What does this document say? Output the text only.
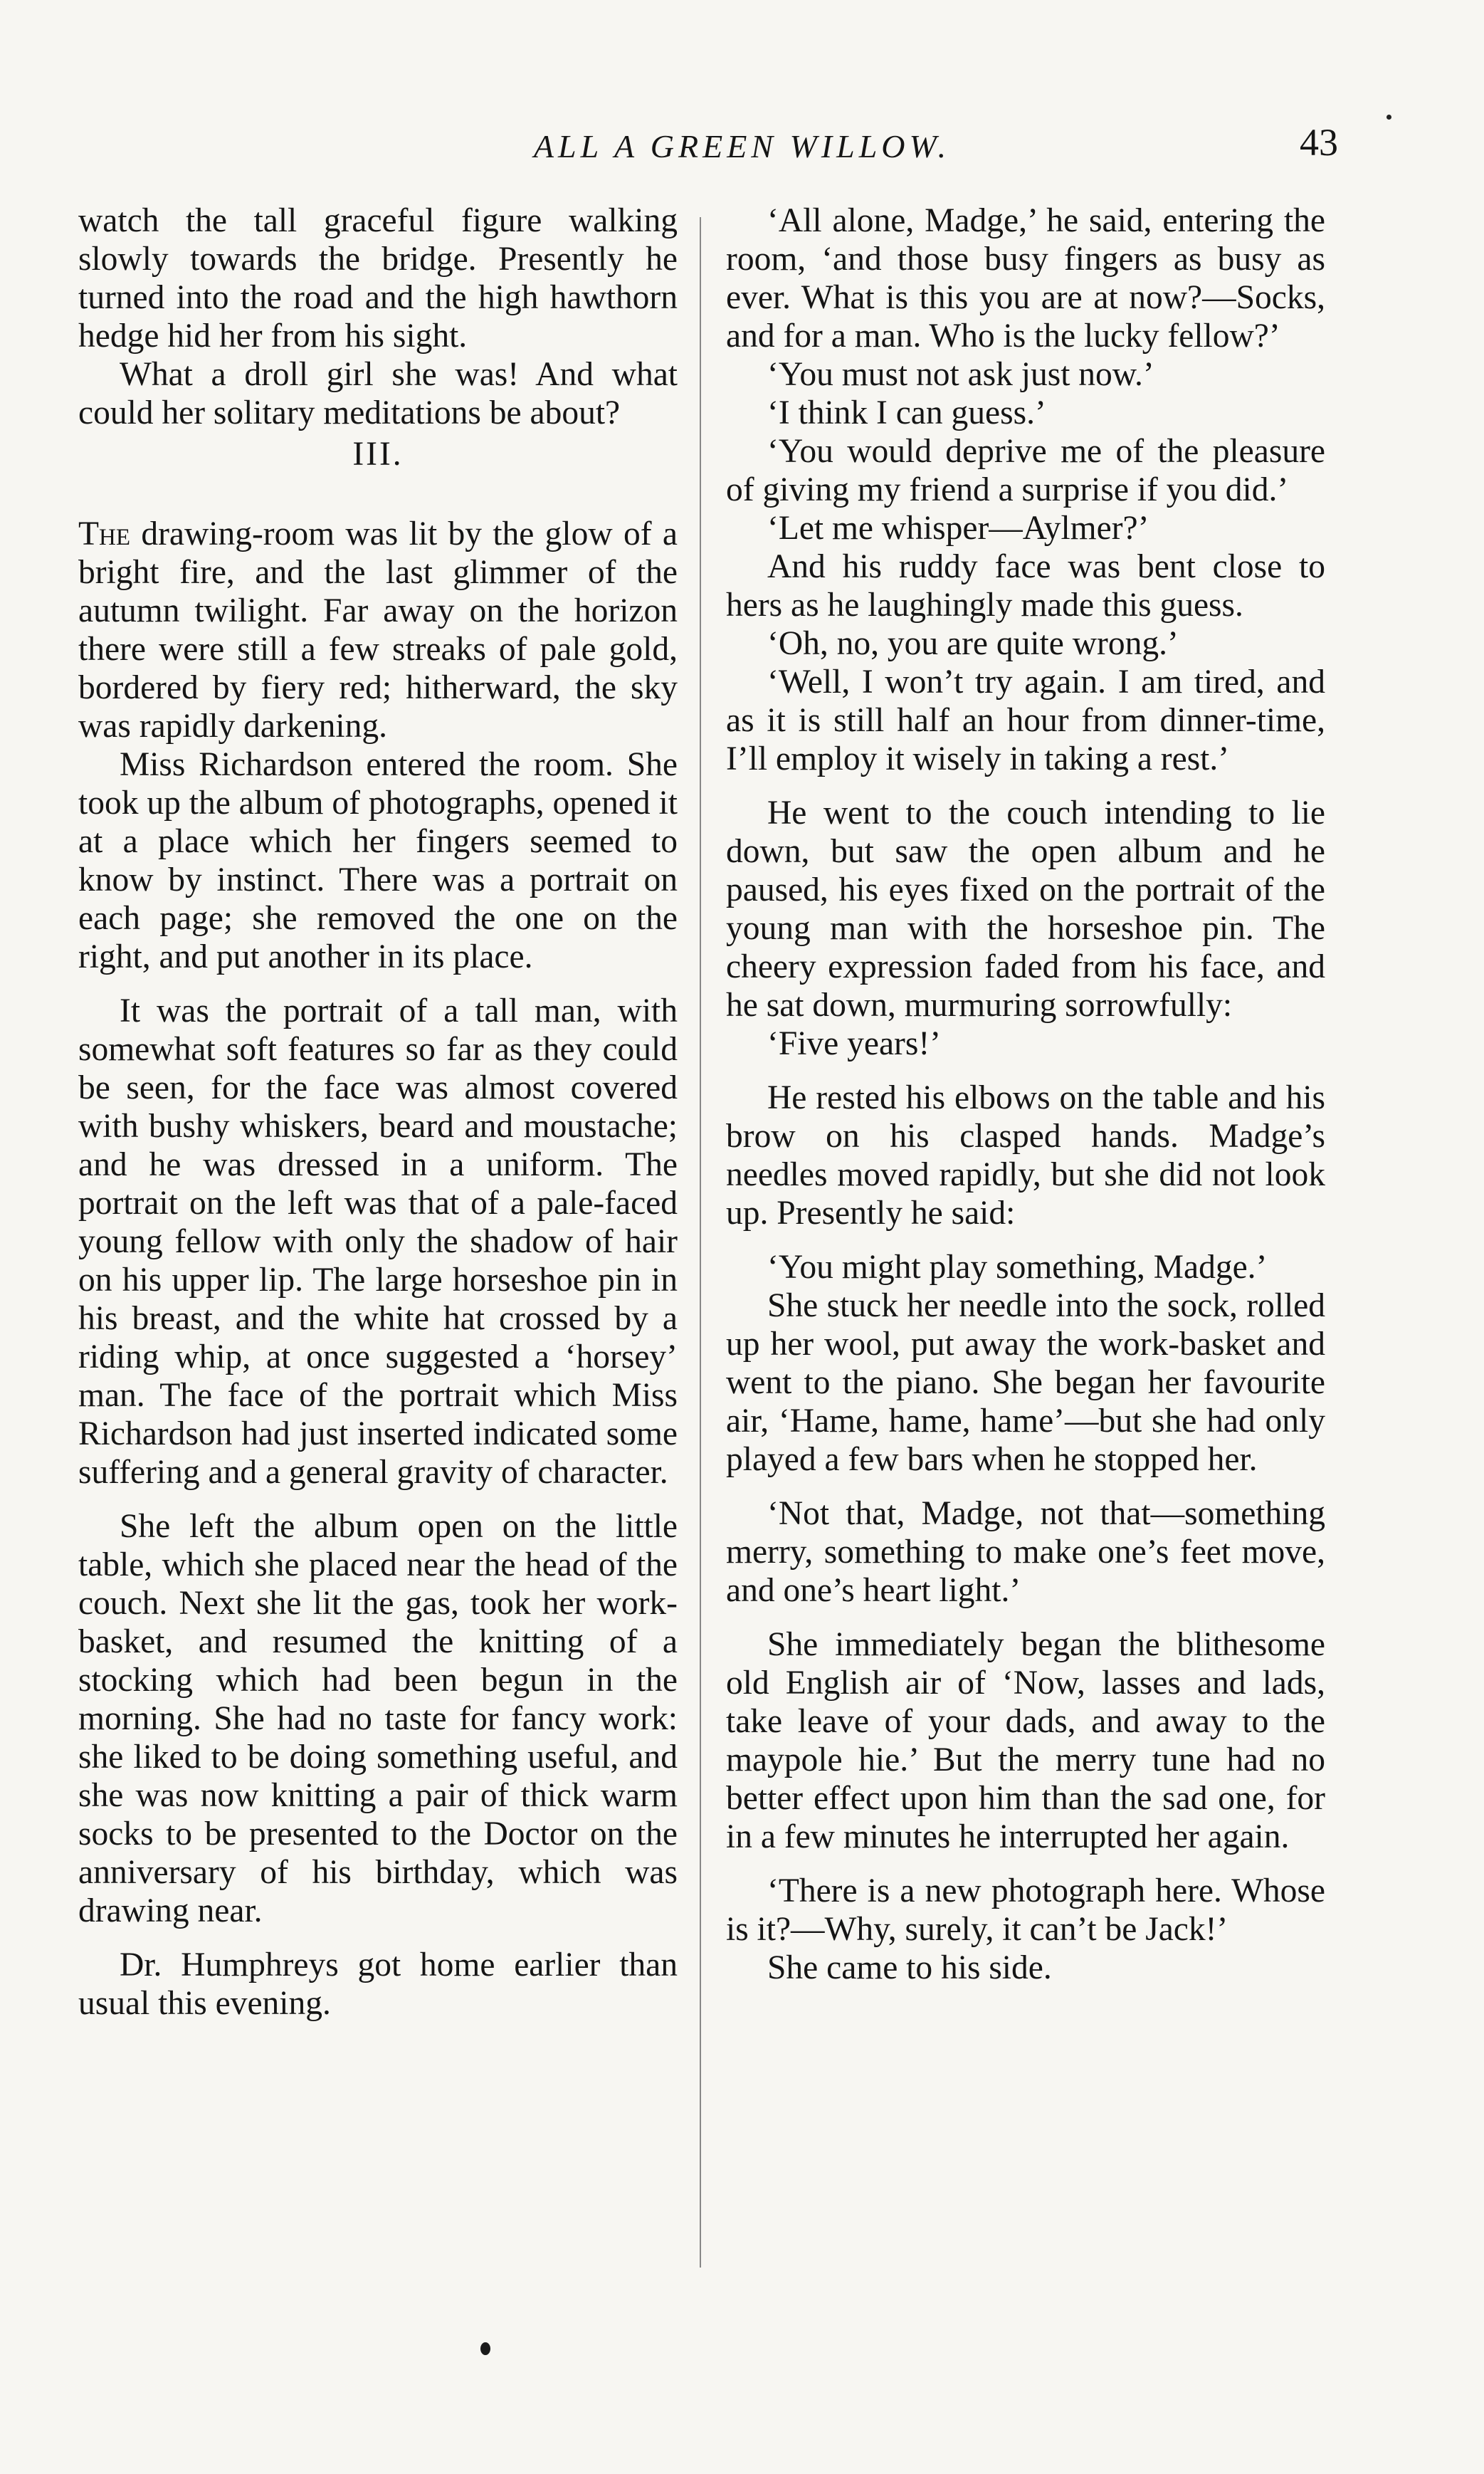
ALL A GREEN WILLOW.	43

watch the tall graceful figure walking slowly towards the bridge. Presently he turned into the road and the high hawthorn hedge hid her from his sight.

What a droll girl she was! And what could her solitary meditations be about?

III.

The drawing-room was lit by the glow of a bright fire, and the last glimmer of the autumn twilight. Far away on the horizon there were still a few streaks of pale gold, bordered by fiery red; hitherward, the sky was rapidly darkening.

Miss Richardson entered the room. She took up the album of photographs, opened it at a place which her fingers seemed to know by instinct. There was a portrait on each page; she removed the one on the right, and put another in its place.

It was the portrait of a tall man, with somewhat soft features so far as they could be seen, for the face was almost covered with bushy whiskers, beard and moustache; and he was dressed in a uniform. The portrait on the left was that of a pale-faced young fellow with only the shadow of hair on his upper lip. The large horseshoe pin in his breast, and the white hat crossed by a riding whip, at once suggested a ‘horsey’ man. The face of the portrait which Miss Richardson had just inserted indicated some suffering and a general gravity of character.

She left the album open on the little table, which she placed near the head of the couch. Next she lit the gas, took her work-basket, and resumed the knitting of a stocking which had been begun in the morning. She had no taste for fancy work: she liked to be doing something useful, and she was now knitting a pair of thick warm socks to be presented to the Doctor on the anniversary of his birthday, which was drawing near.

Dr. Humphreys got home earlier than usual this evening.

‘All alone, Madge,’ he said, entering the room, ‘and those busy fingers as busy as ever. What is this you are at now?—Socks, and for a man. Who is the lucky fellow?’

‘You must not ask just now.’

‘I think I can guess.’

‘You would deprive me of the pleasure of giving my friend a surprise if you did.’

‘Let me whisper—Aylmer?’

And his ruddy face was bent close to hers as he laughingly made this guess.

‘Oh, no, you are quite wrong.’

‘Well, I won’t try again. I am tired, and as it is still half an hour from dinner-time, I’ll employ it wisely in taking a rest.’

He went to the couch intending to lie down, but saw the open album and he paused, his eyes fixed on the portrait of the young man with the horseshoe pin. The cheery expression faded from his face, and he sat down, murmuring sorrowfully:

‘Five years!’

He rested his elbows on the table and his brow on his clasped hands. Madge’s needles moved rapidly, but she did not look up. Presently he said:

‘You might play something, Madge.’

She stuck her needle into the sock, rolled up her wool, put away the work-basket and went to the piano. She began her favourite air, ‘Hame, hame, hame’—but she had only played a few bars when he stopped her.

‘Not that, Madge, not that—something merry, something to make one’s feet move, and one’s heart light.’

She immediately began the blithesome old English air of ‘Now, lasses and lads, take leave of your dads, and away to the maypole hie.’ But the merry tune had no better effect upon him than the sad one, for in a few minutes he interrupted her again.

‘There is a new photograph here. Whose is it?—Why, surely, it can’t be Jack!’

She came to his side.
